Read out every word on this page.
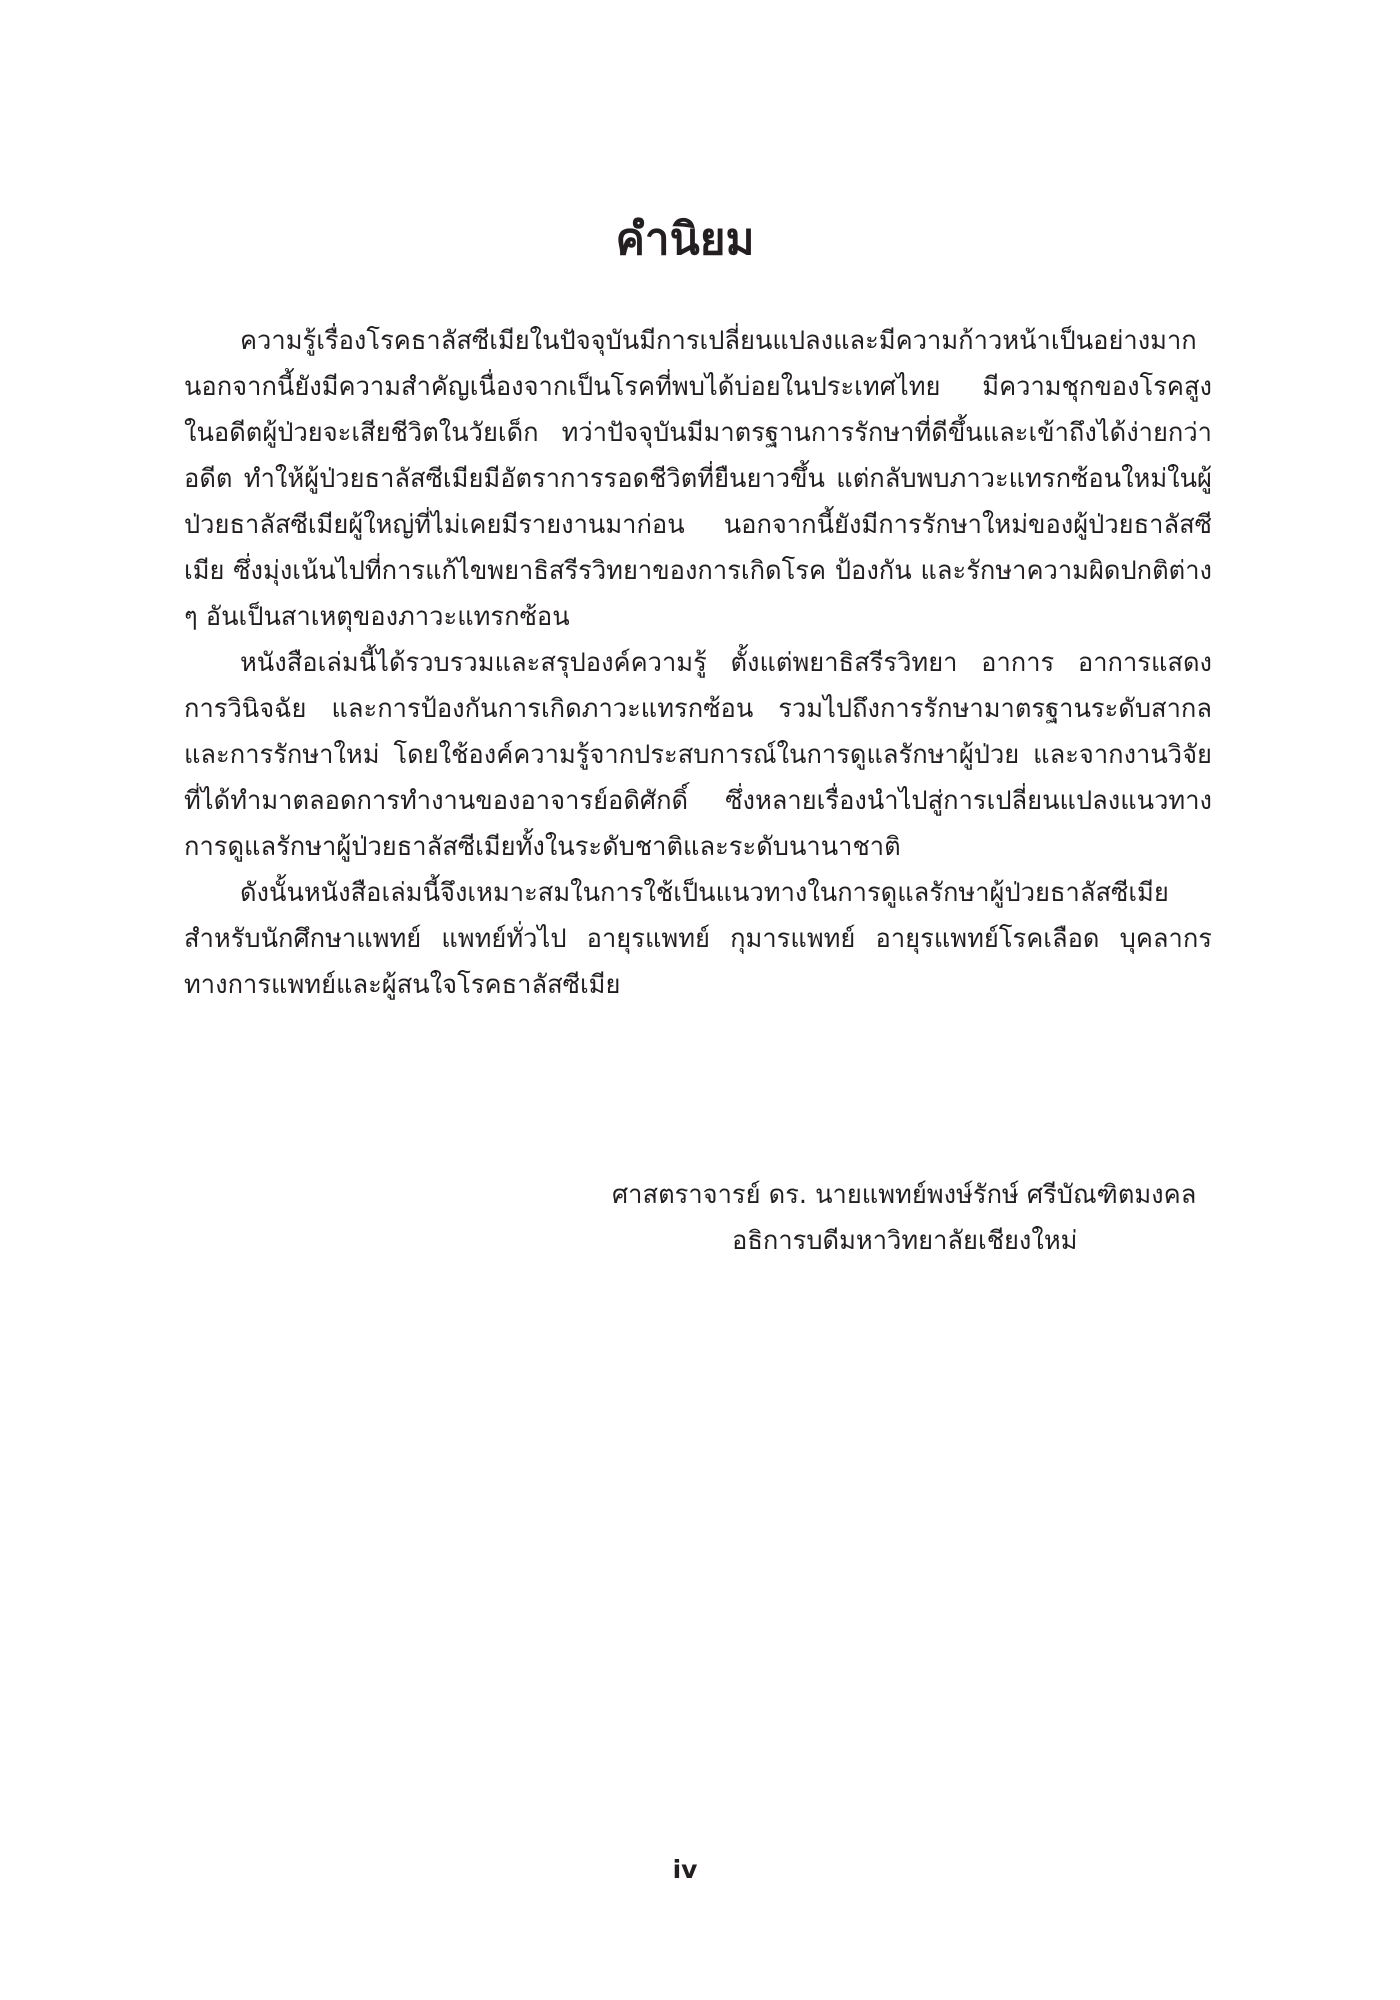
คำนิยม

ความรู้เรื่องโรคธาลัสซีเมียในปัจจุบันมีการเปลี่ยนแปลงและมีความก้าวหน้าเป็นอย่างมาก นอกจากนี้ยังมีความสำคัญเนื่องจากเป็นโรคที่พบได้บ่อยในประเทศไทย มีความชุกของโรคสูง ในอดีตผู้ป่วยจะเสียชีวิตในวัยเด็ก ทว่าปัจจุบันมีมาตรฐานการรักษาที่ดีขึ้นและเข้าถึงได้ง่ายกว่าอดีต ทำให้ผู้ป่วยธาลัสซีเมียมีอัตราการรอดชีวิตที่ยืนยาวขึ้น แต่กลับพบภาวะแทรกซ้อนใหม่ในผู้ป่วยธาลัสซีเมียผู้ใหญ่ที่ไม่เคยมีรายงานมาก่อน นอกจากนี้ยังมีการรักษาใหม่ของผู้ป่วยธาลัสซีเมีย ซึ่งมุ่งเน้นไปที่การแก้ไขพยาธิสรีรวิทยาของการเกิดโรค ป้องกัน และรักษาความผิดปกติต่าง ๆ อันเป็นสาเหตุของภาวะแทรกซ้อน

หนังสือเล่มนี้ได้รวบรวมและสรุปองค์ความรู้ ตั้งแต่พยาธิสรีรวิทยา อาการ อาการแสดง การวินิจฉัย และการป้องกันการเกิดภาวะแทรกซ้อน รวมไปถึงการรักษามาตรฐานระดับสากลและการรักษาใหม่ โดยใช้องค์ความรู้จากประสบการณ์ในการดูแลรักษาผู้ป่วย และจากงานวิจัยที่ได้ทำมาตลอดการทำงานของอาจารย์อดิศักดิ์ ซึ่งหลายเรื่องนำไปสู่การเปลี่ยนแปลงแนวทางการดูแลรักษาผู้ป่วยธาลัสซีเมียทั้งในระดับชาติและระดับนานาชาติ

ดังนั้นหนังสือเล่มนี้จึงเหมาะสมในการใช้เป็นแนวทางในการดูแลรักษาผู้ป่วยธาลัสซีเมียสำหรับนักศึกษาแพทย์ แพทย์ทั่วไป อายุรแพทย์ กุมารแพทย์ อายุรแพทย์โรคเลือด บุคลากรทางการแพทย์และผู้สนใจโรคธาลัสซีเมีย

ศาสตราจารย์ ดร. นายแพทย์พงษ์รักษ์ ศรีบัณฑิตมงคล

อธิการบดีมหาวิทยาลัยเชียงใหม่

iv
